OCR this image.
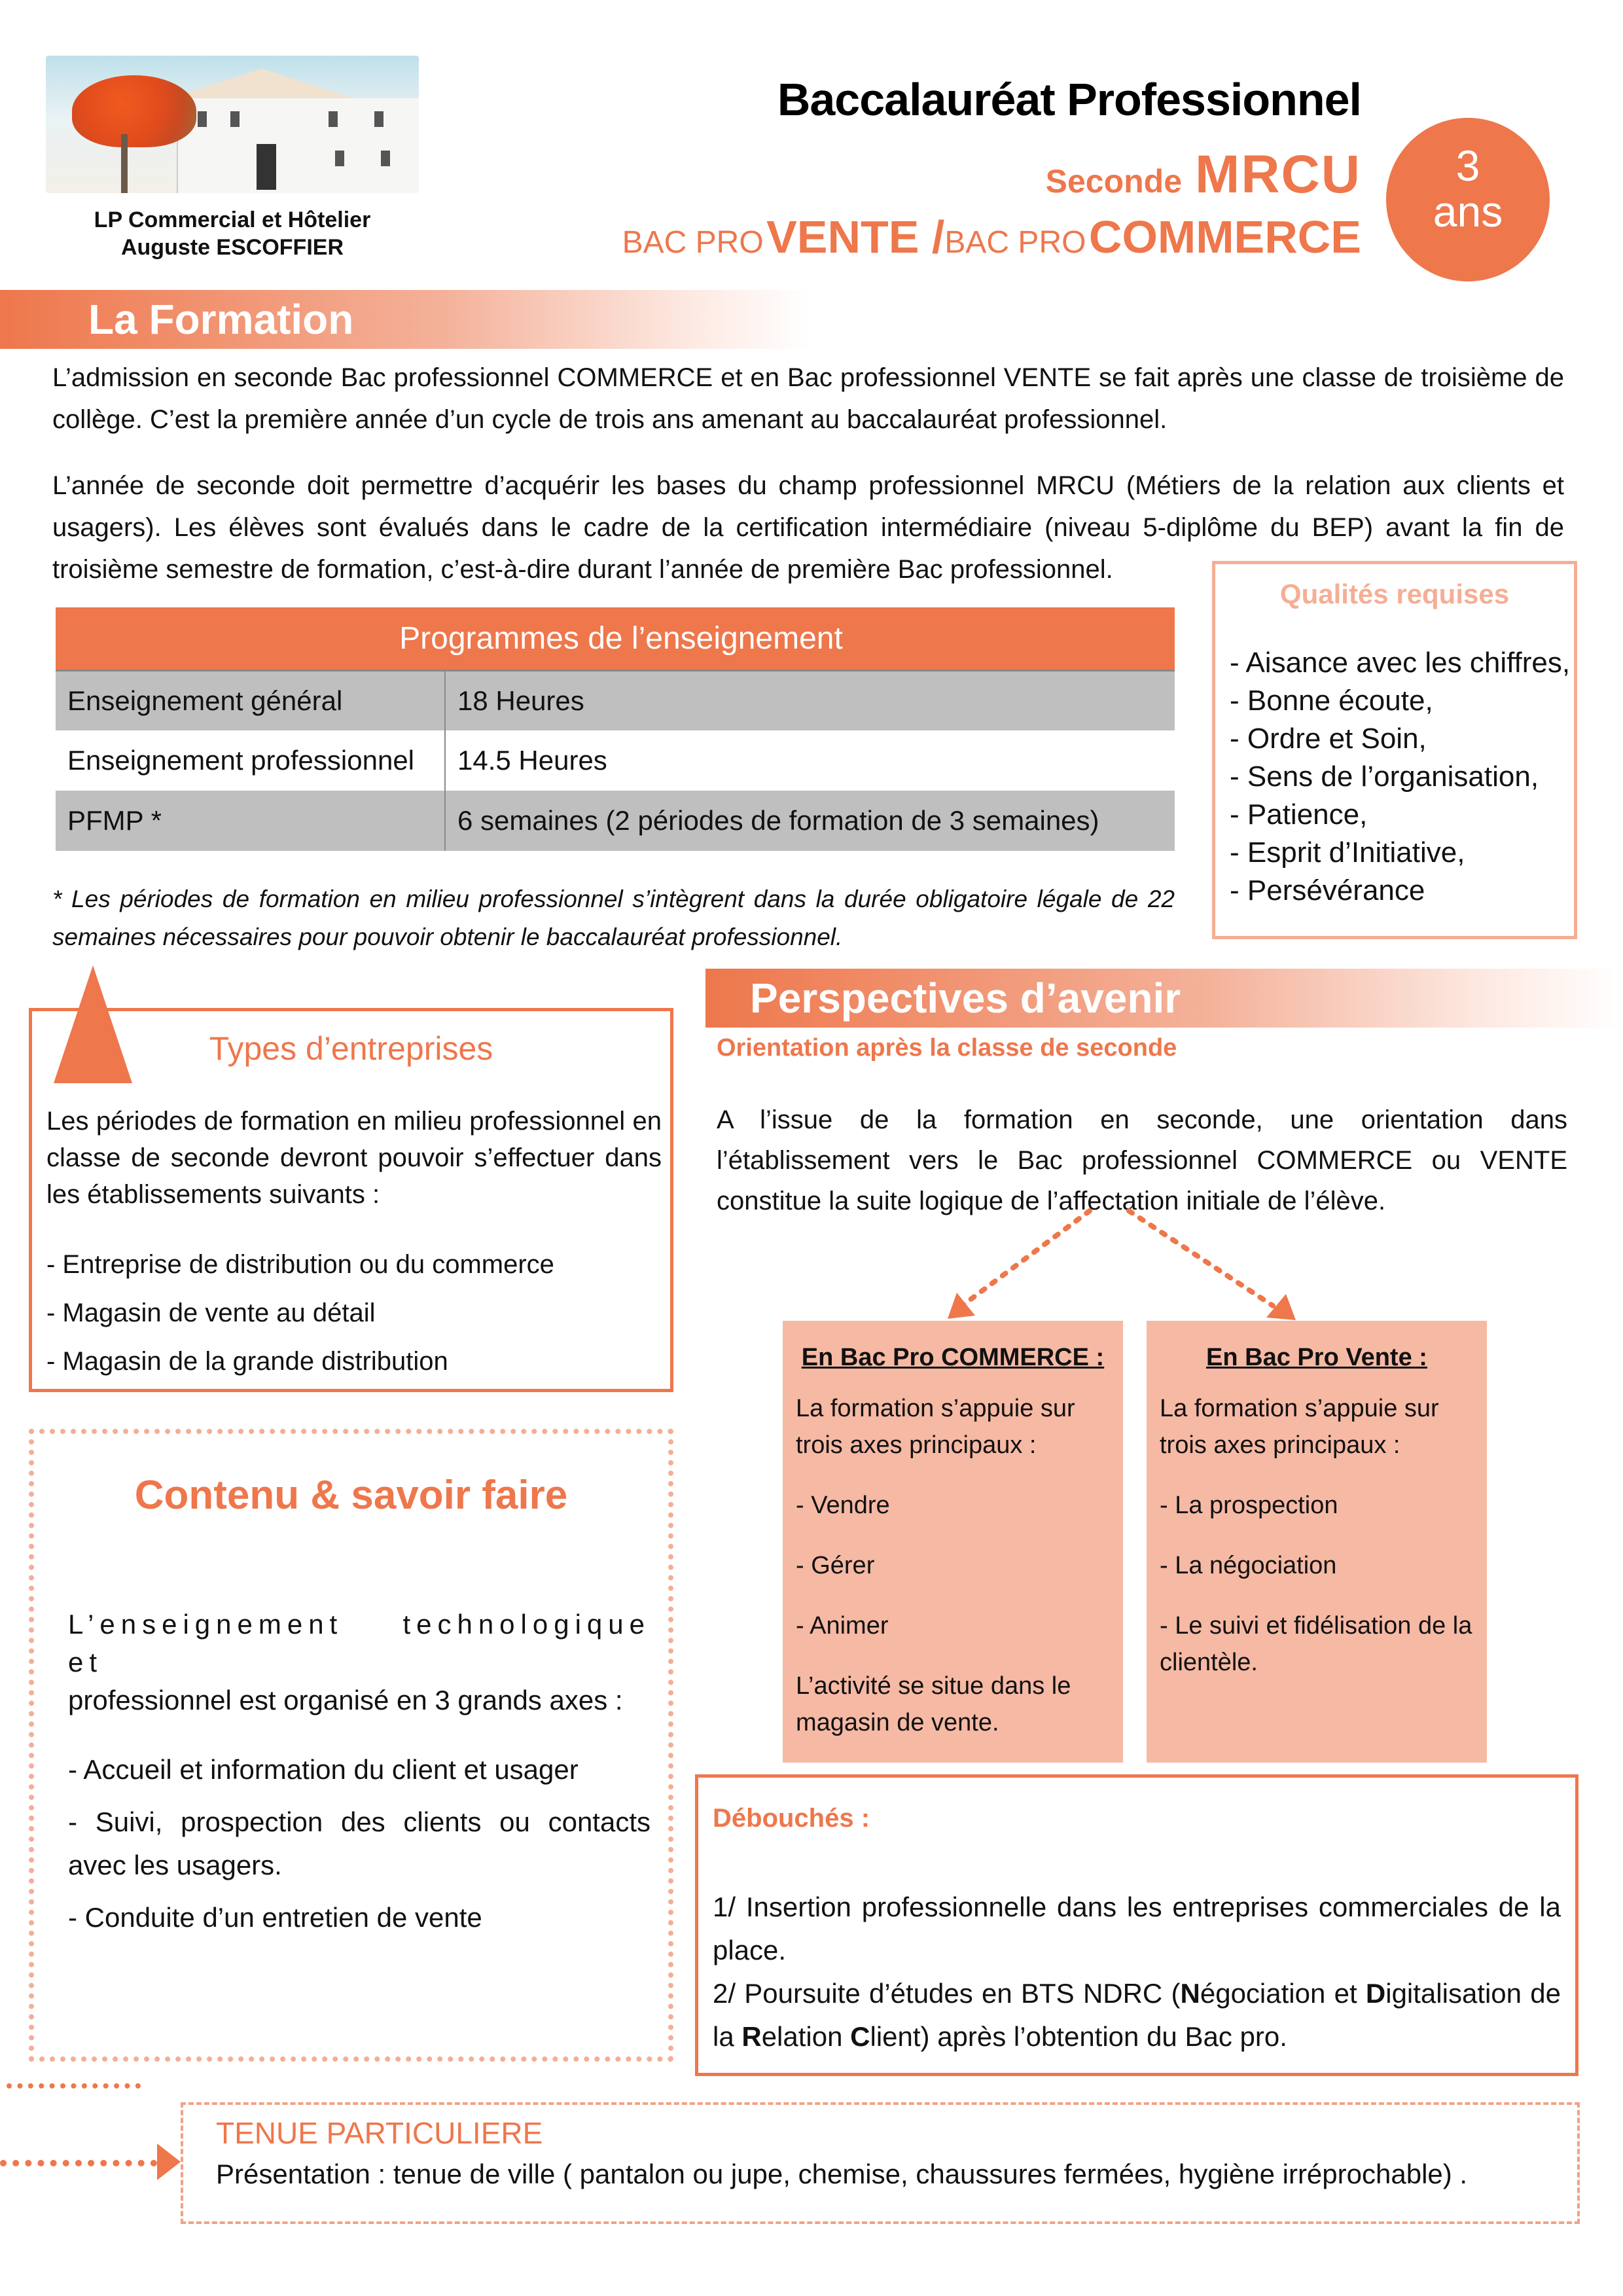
LP Commercial et Hôtelier
Auguste ESCOFFIER
Baccalauréat Professionnel
Seconde MRCU
BAC PRO VENTE /BAC PRO COMMERCE
3
ans
La Formation

L’admission en seconde Bac professionnel COMMERCE et en Bac professionnel VENTE se fait après une classe de troisième de collège. C’est la première année d’un cycle de trois ans amenant au baccalauréat professionnel.

L’année de seconde doit permettre d’acquérir les bases du champ professionnel MRCU (Métiers de la relation aux clients et usagers). Les élèves sont évalués dans le cadre de la certification intermédiaire (niveau 5-diplôme du BEP) avant la fin de troisième semestre de formation, c’est-à-dire durant l’année de première Bac professionnel.

Programmes de l’enseignement	
Enseignement général	18 Heures
Enseignement professionnel	14.5 Heures
PFMP *	6 semaines (2 périodes de formation de 3 semaines)

* Les périodes de formation en milieu professionnel s’intègrent dans la durée obligatoire légale de 22 semaines nécessaires pour pouvoir obtenir le baccalauréat professionnel.

Qualités requises
- Aisance avec les chiffres,
- Bonne écoute,
- Ordre et Soin,
- Sens de l’organisation,
- Patience,
- Esprit d’Initiative,
- Persévérance
Types d’entreprises

Les périodes de formation en milieu professionnel en classe de seconde devront pouvoir s’effectuer dans les établissements suivants :

- Entreprise de distribution ou du commerce
- Magasin de vente au détail
- Magasin de la grande distribution
Contenu & savoir faire
L’enseignement technologique et
professionnel est organisé en 3 grands axes :
- Accueil et information du client et usager
- Suivi, prospection des clients ou contacts avec les usagers.
- Conduite d’un entretien de vente
Perspectives d’avenir
Orientation après la classe de seconde

A l’issue de la formation en seconde, une orientation dans l’établissement vers le Bac professionnel COMMERCE ou VENTE constitue la suite logique de l’affectation initiale de l’élève.

En Bac Pro COMMERCE :

La formation s’appuie sur trois axes principaux :

- Vendre

- Gérer

- Animer

L’activité se situe dans le magasin de vente.

En Bac Pro Vente :

La formation s’appuie sur trois axes principaux :

- La prospection

- La négociation

- Le suivi et fidélisation de la clientèle.

Débouchés :

1/ Insertion professionnelle dans les entreprises commerciales de la place.

2/ Poursuite d’études en BTS NDRC (Négociation et Digitalisation de la Relation Client) après l’obtention du Bac pro.

TENUE PARTICULIERE
Présentation : tenue de ville ( pantalon ou jupe, chemise, chaussures fermées, hygiène irréprochable) .
